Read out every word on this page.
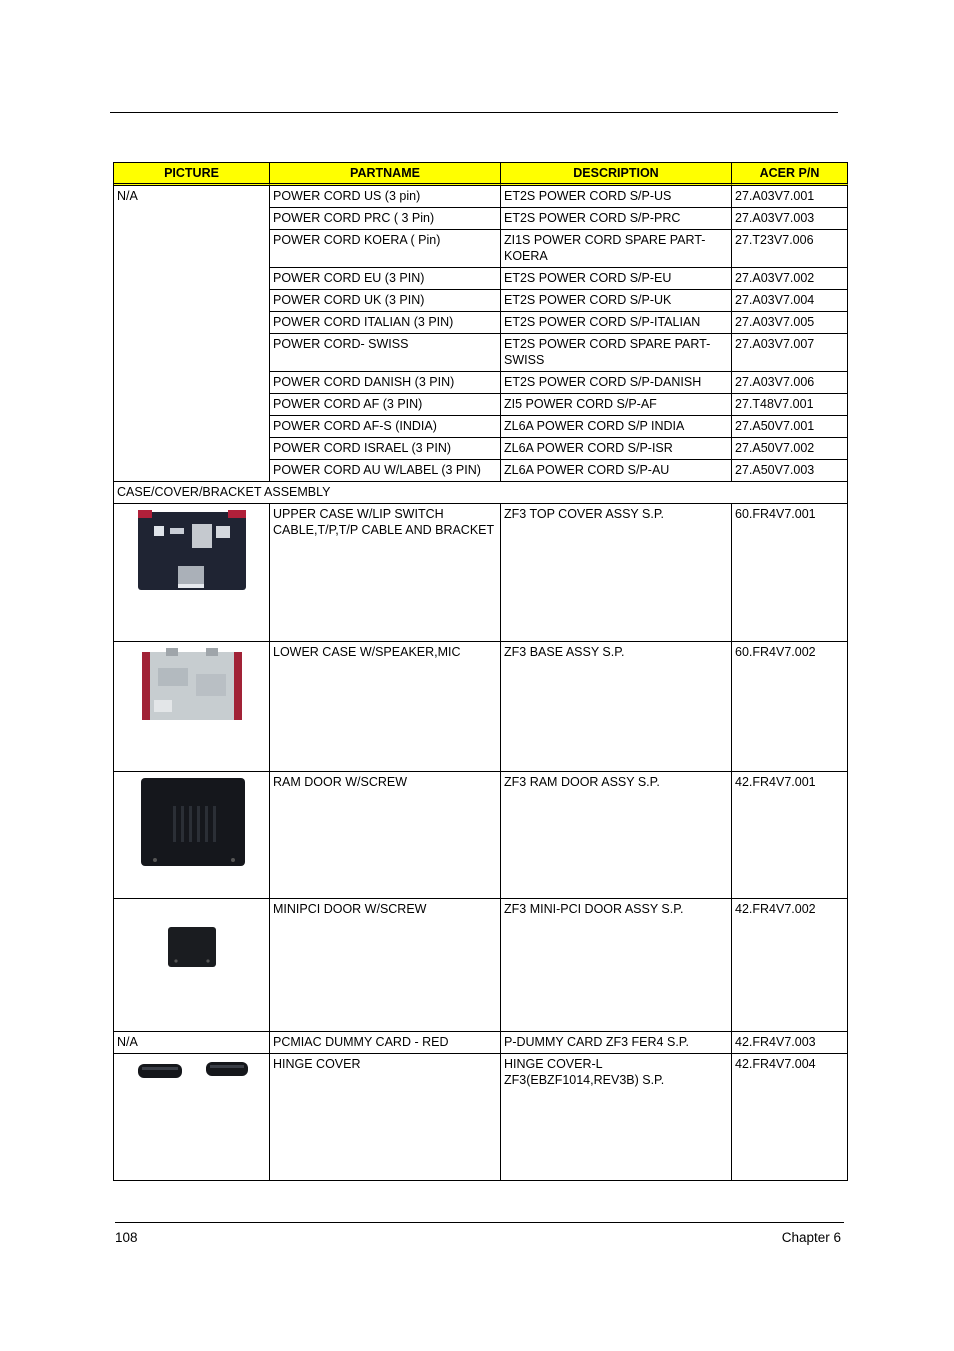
PICTURE	PARTNAME	DESCRIPTION	ACER P/N
N/A	POWER CORD US (3 pin)	ET2S POWER CORD S/P-US	27.A03V7.001
	POWER CORD PRC ( 3 Pin)	ET2S POWER CORD S/P-PRC	27.A03V7.003
	POWER CORD KOERA ( Pin)	ZI1S POWER CORD SPARE PART-KOERA	27.T23V7.006
	POWER CORD EU (3 PIN)	ET2S POWER CORD S/P-EU	27.A03V7.002
	POWER CORD UK (3 PIN)	ET2S POWER CORD S/P-UK	27.A03V7.004
	POWER CORD ITALIAN (3 PIN)	ET2S POWER CORD S/P-ITALIAN	27.A03V7.005
	POWER CORD- SWISS	ET2S POWER CORD SPARE PART-SWISS	27.A03V7.007
	POWER CORD DANISH (3 PIN)	ET2S POWER CORD S/P-DANISH	27.A03V7.006
	POWER CORD AF (3 PIN)	ZI5 POWER CORD S/P-AF	27.T48V7.001
	POWER CORD AF-S (INDIA)	ZL6A POWER CORD S/P INDIA	27.A50V7.001
	POWER CORD ISRAEL (3 PIN)	ZL6A POWER CORD S/P-ISR	27.A50V7.002
	POWER CORD AU W/LABEL (3 PIN)	ZL6A POWER CORD S/P-AU	27.A50V7.003
CASE/COVER/BRACKET ASSEMBLY			

	UPPER CASE W/LIP SWITCH CABLE,T/P,T/P CABLE AND BRACKET	ZF3 TOP COVER ASSY S.P.	60.FR4V7.001

	LOWER CASE W/SPEAKER,MIC	ZF3 BASE ASSY S.P.	60.FR4V7.002

	RAM DOOR W/SCREW	ZF3 RAM DOOR ASSY S.P.	42.FR4V7.001

	MINIPCI DOOR W/SCREW	ZF3 MINI-PCI DOOR ASSY S.P.	42.FR4V7.002
N/A	PCMIAC DUMMY CARD - RED	P-DUMMY CARD ZF3 FER4 S.P.	42.FR4V7.003

	HINGE COVER	HINGE COVER-L ZF3(EBZF1014,REV3B) S.P.	42.FR4V7.004
108	Chapter 6
